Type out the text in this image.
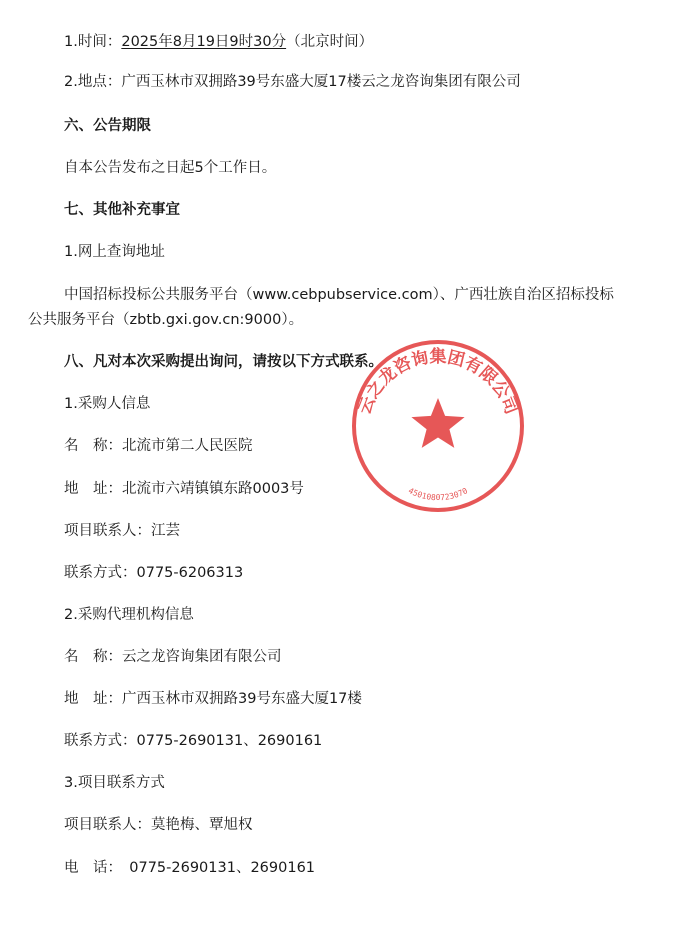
1.时间：2025年8月19日9时30分（北京时间）
2.地点：广西玉林市双拥路39号东盛大厦17楼云之龙咨询集团有限公司
六、公告期限
自本公告发布之日起5个工作日。
七、其他补充事宜
1.网上查询地址
中国招标投标公共服务平台（www.cebpubservice.com）、广西壮族自治区招标投标
公共服务平台（zbtb.gxi.gov.cn:9000）。
八、凡对本次采购提出询问，请按以下方式联系。
1.采购人信息
名　称：北流市第二人民医院
地　址：北流市六靖镇镇东路0003号
项目联系人：江芸
联系方式：0775-6206313
2.采购代理机构信息
名　称：云之龙咨询集团有限公司
地　址：广西玉林市双拥路39号东盛大厦17楼
联系方式：0775-2690131、2690161
3.项目联系方式
项目联系人：莫艳梅、覃旭权
电　话：　0775-2690131、2690161
云之龙咨询集团有限公司
4501080723070
